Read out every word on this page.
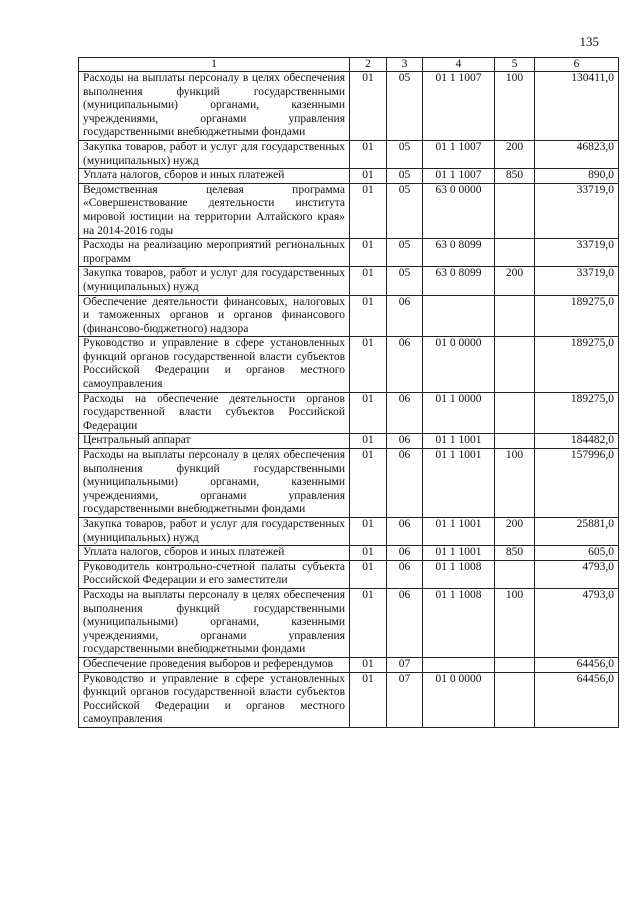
135
1	2	3	4	5	6
Расходы на выплаты персоналу в целях обеспечения выполнения функций государственными (муниципальными) органами, казенными учреждениями, органами управления государственными внебюджетными фондами	01	05	01 1 1007	100	130411,0
Закупка товаров, работ и услуг для государственных (муниципальных) нужд	01	05	01 1 1007	200	46823,0
Уплата налогов, сборов и иных платежей	01	05	01 1 1007	850	890,0
Ведомственная целевая программа «Совершенствование деятельности института мировой юстиции на территории Алтайского края» на 2014-2016 годы	01	05	63 0 0000		33719,0
Расходы на реализацию мероприятий региональных программ	01	05	63 0 8099		33719,0
Закупка товаров, работ и услуг для государственных (муниципальных) нужд	01	05	63 0 8099	200	33719,0
Обеспечение деятельности финансовых, налоговых и таможенных органов и органов финансового (финансово-бюджетного) надзора	01	06			189275,0
Руководство и управление в сфере установленных функций органов государственной власти субъектов Российской Федерации и органов местного самоуправления	01	06	01 0 0000		189275,0
Расходы на обеспечение деятельности органов государственной власти субъектов Российской Федерации	01	06	01 1 0000		189275,0
Центральный аппарат	01	06	01 1 1001		184482,0
Расходы на выплаты персоналу в целях обеспечения выполнения функций государственными (муниципальными) органами, казенными учреждениями, органами управления государственными внебюджетными фондами	01	06	01 1 1001	100	157996,0
Закупка товаров, работ и услуг для государственных (муниципальных) нужд	01	06	01 1 1001	200	25881,0
Уплата налогов, сборов и иных платежей	01	06	01 1 1001	850	605,0
Руководитель контрольно-счетной палаты субъекта Российской Федерации и его заместители	01	06	01 1 1008		4793,0
Расходы на выплаты персоналу в целях обеспечения выполнения функций государственными (муниципальными) органами, казенными учреждениями, органами управления государственными внебюджетными фондами	01	06	01 1 1008	100	4793,0
Обеспечение проведения выборов и референдумов	01	07			64456,0
Руководство и управление в сфере установленных функций органов государственной власти субъектов Российской Федерации и органов местного самоуправления	01	07	01 0 0000		64456,0
